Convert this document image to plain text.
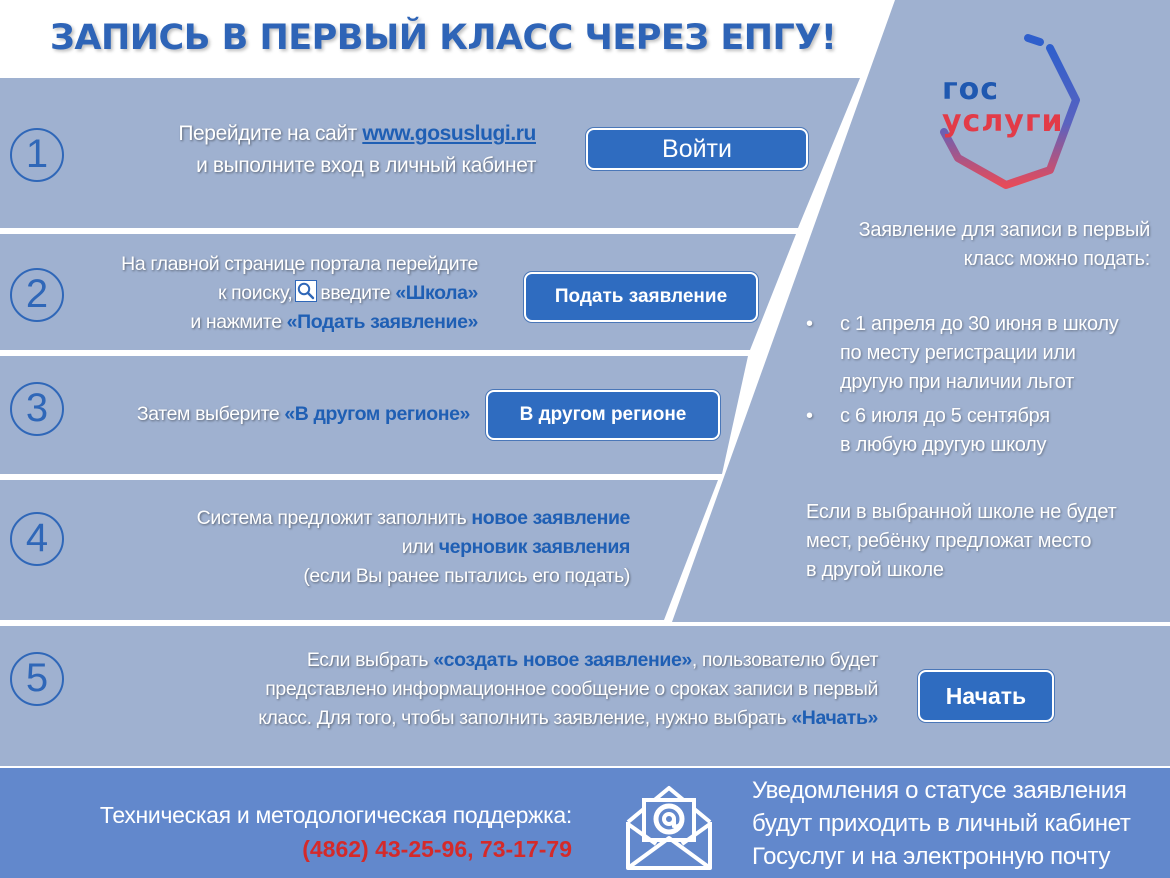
ЗАПИСЬ В ПЕРВЫЙ КЛАСС ЧЕРЕЗ ЕПГУ!
гос
услуги
1
2
3
4
5
Перейдите на сайт www.gosuslugi.ru
и выполните вход в личный кабинет
Войти
На главной странице портала перейдите
к поиску, введите «Школа»
и нажмите «Подать заявление»
Подать заявление
Затем выберите «В другом регионе»	В другом регионе
Система предложит заполнить новое заявление
или черновик заявления
(если Вы ранее пытались его подать)
Если выбрать «создать новое заявление», пользователю будет
представлено информационное сообщение о сроках записи в первый
класс. Для того, чтобы заполнить заявление, нужно выбрать «Начать»
Начать
Заявление для записи в первый
класс можно подать:
• с 1 апреля до 30 июня в школу
по месту регистрации или
другую при наличии льгот
• с 6 июля до 5 сентября
в любую другую школу
Если в выбранной школе не будет
мест, ребёнку предложат место
в другой школе
Техническая и методологическая поддержка:
(4862) 43-25-96, 73-17-79
Уведомления о статусе заявления
будут приходить в личный кабинет
Госуслуг и на электронную почту
